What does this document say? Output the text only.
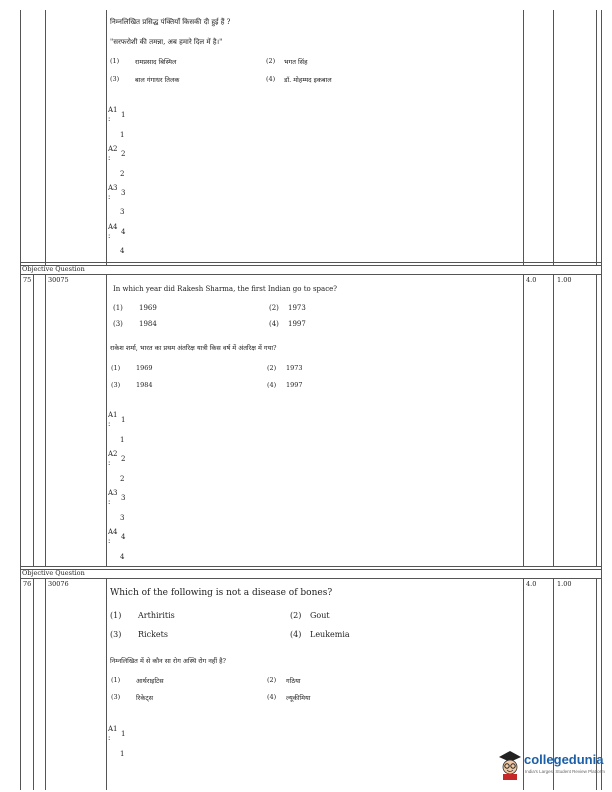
निम्नलिखित प्रसिद्ध पंक्तियाँ किसकी दी हुई हैं ?
"सरफरोशी की तमन्ना, अब हमारे दिल में है।"
(1) रामप्रसाद बिस्मिल	(2) भगत सिंह
(3) बाल गंगाधर तिलक	(4) डॉ. मोहम्मद इकबाल
A1
1
:
1
A2
2
:
2
A3
3
:
3
A4
4
:
4
Objective Question
75	30075	4.0	1.00
In which year did Rakesh Sharma, the first Indian go to space?
(1) 1969	(2) 1973
(3) 1984	(4) 1997
राकेश शर्मा, भारत का प्रथम अंतरिक्ष यात्री किस वर्ष में अंतरिक्ष में गया?
(1) 1969	(2) 1973
(3) 1984	(4) 1997
A1
1
:
1
A2
2
:
2
A3
3
:
3
A4
4
:
4
Objective Question
76	30076	4.0	1.00
Which of the following is not a disease of bones?
(1) Arthiritis	(2) Gout
(3) Rickets	(4) Leukemia
निम्नलिखित में से कौन सा रोग अस्थि रोग नहीं है?
(1) आर्थराइटिस	(2) गठिया
(3) रिकेट्स	(4) ल्यूकीमिया
A1
1
:
1	collegedunia
India's Largest Student Review Platform
